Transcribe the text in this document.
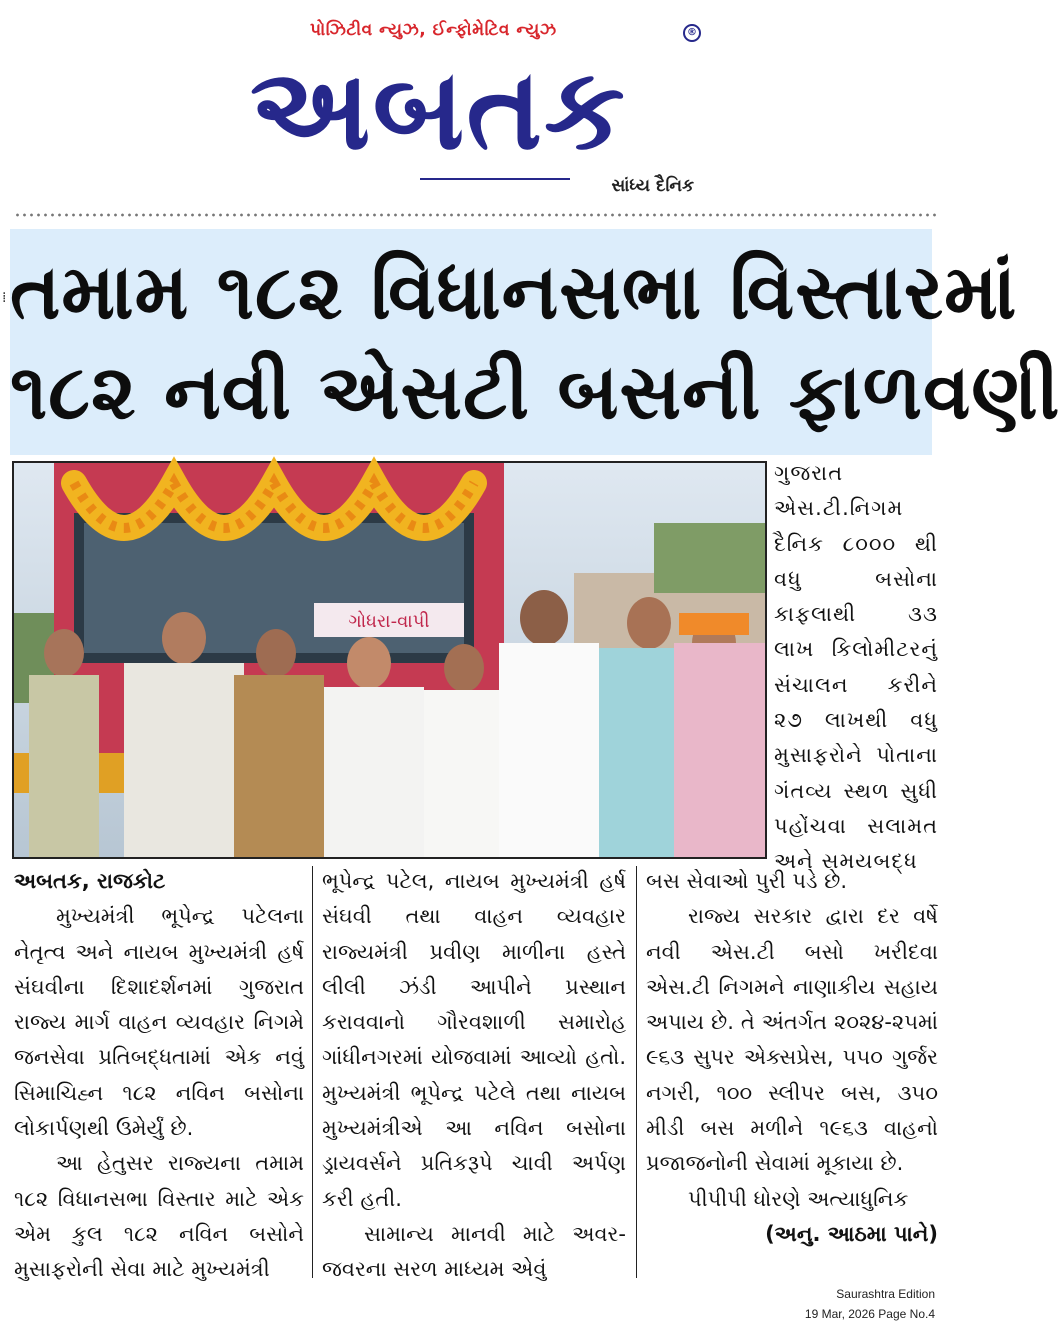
પોઝિટીવ ન્યુઝ, ઈન્ફોમેટિવ ન્યુઝ
અબતક
®
સાંધ્ય દૈનિક
⁞ તમામ ૧૮૨ વિધાનસભા વિસ્તારમાં
૧૮૨ નવી એસટી બસની ફાળવણી
ગોધરા-વાપી

ગુજરાત એસ.ટી.નિગમ દૈનિક ૮૦૦૦ થી વધુ બસોના કાફલાથી ૩૩ લાખ કિલોમીટરનું સંચાલન કરીને ૨૭ લાખથી વધુ મુસાફરોને પોતાના ગંતવ્ય સ્થળ સુધી પહોંચવા સલામત અને સમયબદ્ધ

અબતક, રાજકોટ

મુખ્યમંત્રી ભૂપેન્દ્ર પટેલના નેતૃત્વ અને નાયબ મુખ્યમંત્રી હર્ષ સંઘવીના દિશાદર્શનમાં ગુજરાત રાજ્ય માર્ગ વાહન વ્યવહાર નિગમે જનસેવા પ્રતિબદ્ધતામાં એક નવું સિમાચિહ્ન ૧૮૨ નવિન બસોના લોકાર્પણથી ઉમેર્યું છે.

આ હેતુસર રાજ્યના તમામ ૧૮૨ વિધાનસભા વિસ્તાર માટે એક એમ કુલ ૧૮૨ નવિન બસોને મુસાફરોની સેવા માટે મુખ્યમંત્રી

ભૂપેન્દ્ર પટેલ, નાયબ મુખ્યમંત્રી હર્ષ સંઘવી તથા વાહન વ્યવહાર રાજ્યમંત્રી પ્રવીણ માળીના હસ્તે લીલી ઝંડી આપીને પ્રસ્થાન કરાવવાનો ગૌરવશાળી સમારોહ ગાંધીનગરમાં યોજવામાં આવ્યો હતો. મુખ્યમંત્રી ભૂપેન્દ્ર પટેલે તથા નાયબ મુખ્યમંત્રીએ આ નવિન બસોના ડ્રાયવર્સને પ્રતિકરૂપે ચાવી અર્પણ કરી હતી.

સામાન્ય માનવી માટે અવર-જવરના સરળ માધ્યમ એવું

બસ સેવાઓ પુરી પડે છે.

રાજ્ય સરકાર દ્વારા દર વર્ષે નવી એસ.ટી બસો ખરીદવા એસ.ટી નિગમને નાણાકીય સહાય અપાય છે. તે અંતર્ગત ૨૦૨૪-૨૫માં ૯૬૩ સુપર એક્સપ્રેસ, ૫૫૦ ગુર્જર નગરી, ૧૦૦ સ્લીપર બસ, ૩૫૦ મીડી બસ મળીને ૧૯૬૩ વાહનો પ્રજાજનોની સેવામાં મૂકાયા છે.

પીપીપી ધોરણે અત્યાધુનિક

(અનુ. આઠમા પાને)

Saurashtra Edition
19 Mar, 2026 Page No.4
